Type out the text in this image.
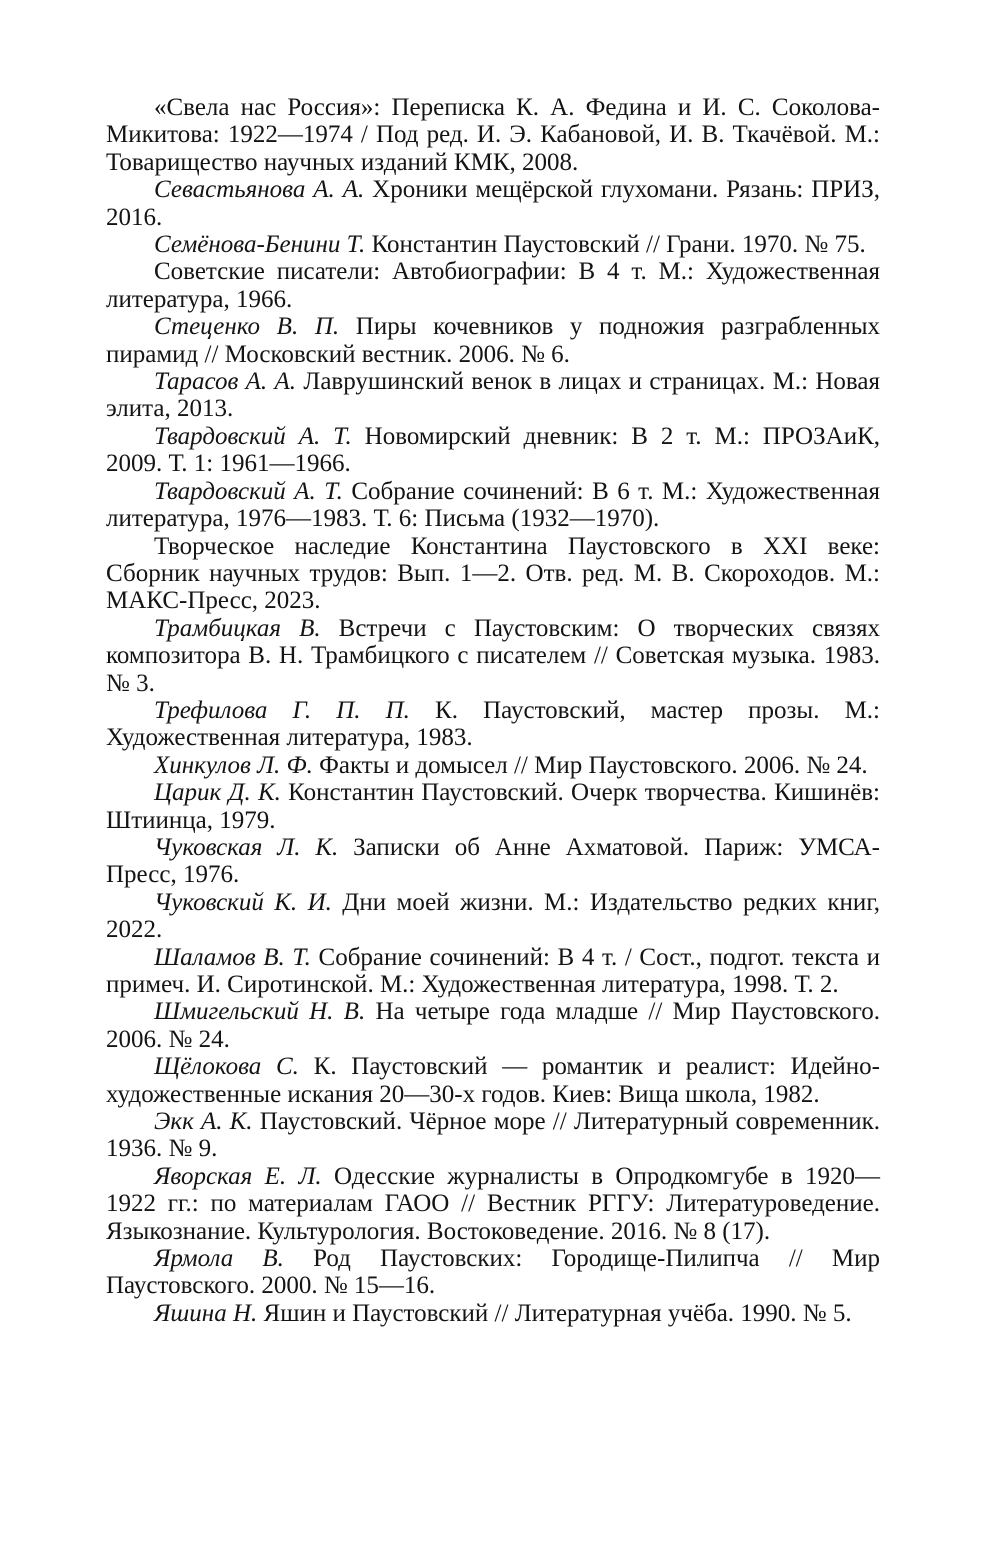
«Свела нас Россия»: Переписка К. А. Федина и И. С. Соколова-Микитова: 1922—1974 / Под ред. И. Э. Кабановой, И. В. Ткачёвой. М.: Товарищество научных изданий КМК, 2008.

Севастьянова А. А. Хроники мещёрской глухомани. Рязань: ПРИЗ, 2016.

Семёнова-Бенини Т. Константин Паустовский // Грани. 1970. № 75.

Советские писатели: Автобиографии: В 4 т. М.: Художественная литература, 1966.

Стеценко В. П. Пиры кочевников у подножия разграбленных пирамид // Московский вестник. 2006. № 6.

Тарасов А. А. Лаврушинский венок в лицах и страницах. М.: Новая элита, 2013.

Твардовский А. Т. Новомирский дневник: В 2 т. М.: ПРОЗАиК, 2009. Т. 1: 1961—1966.

Твардовский А. Т. Собрание сочинений: В 6 т. М.: Художественная литература, 1976—1983. Т. 6: Письма (1932—1970).

Творческое наследие Константина Паустовского в XXI веке: Сборник научных трудов: Вып. 1—2. Отв. ред. М. В. Скороходов. М.: МАКС-Пресс, 2023.

Трамбицкая В. Встречи с Паустовским: О творческих связях композитора В. Н. Трамбицкого с писателем // Советская музыка. 1983. № 3.

Трефилова Г. П. П. К. Паустовский, мастер прозы. М.: Художественная литература, 1983.

Хинкулов Л. Ф. Факты и домысел // Мир Паустовского. 2006. № 24.

Царик Д. К. Константин Паустовский. Очерк творчества. Кишинёв: Штиинца, 1979.

Чуковская Л. К. Записки об Анне Ахматовой. Париж: УМСА-Пресс, 1976.

Чуковский К. И. Дни моей жизни. М.: Издательство редких книг, 2022.

Шаламов В. Т. Собрание сочинений: В 4 т. / Сост., подгот. текста и примеч. И. Сиротинской. М.: Художественная литература, 1998. Т. 2.

Шмигельский Н. В. На четыре года младше // Мир Паустовского. 2006. № 24.

Щёлокова С. К. Паустовский — романтик и реалист: Идейно-художественные искания 20—30-х годов. Киев: Вища школа, 1982.

Экк А. К. Паустовский. Чёрное море // Литературный современник. 1936. № 9.

Яворская Е. Л. Одесские журналисты в Опродкомгубе в 1920—1922 гг.: по материалам ГАОО // Вестник РГГУ: Литературоведение. Языкознание. Культурология. Востоковедение. 2016. № 8 (17).

Ярмола В. Род Паустовских: Городище-Пилипча // Мир Паустовского. 2000. № 15—16.

Яшина Н. Яшин и Паустовский // Литературная учёба. 1990. № 5.
